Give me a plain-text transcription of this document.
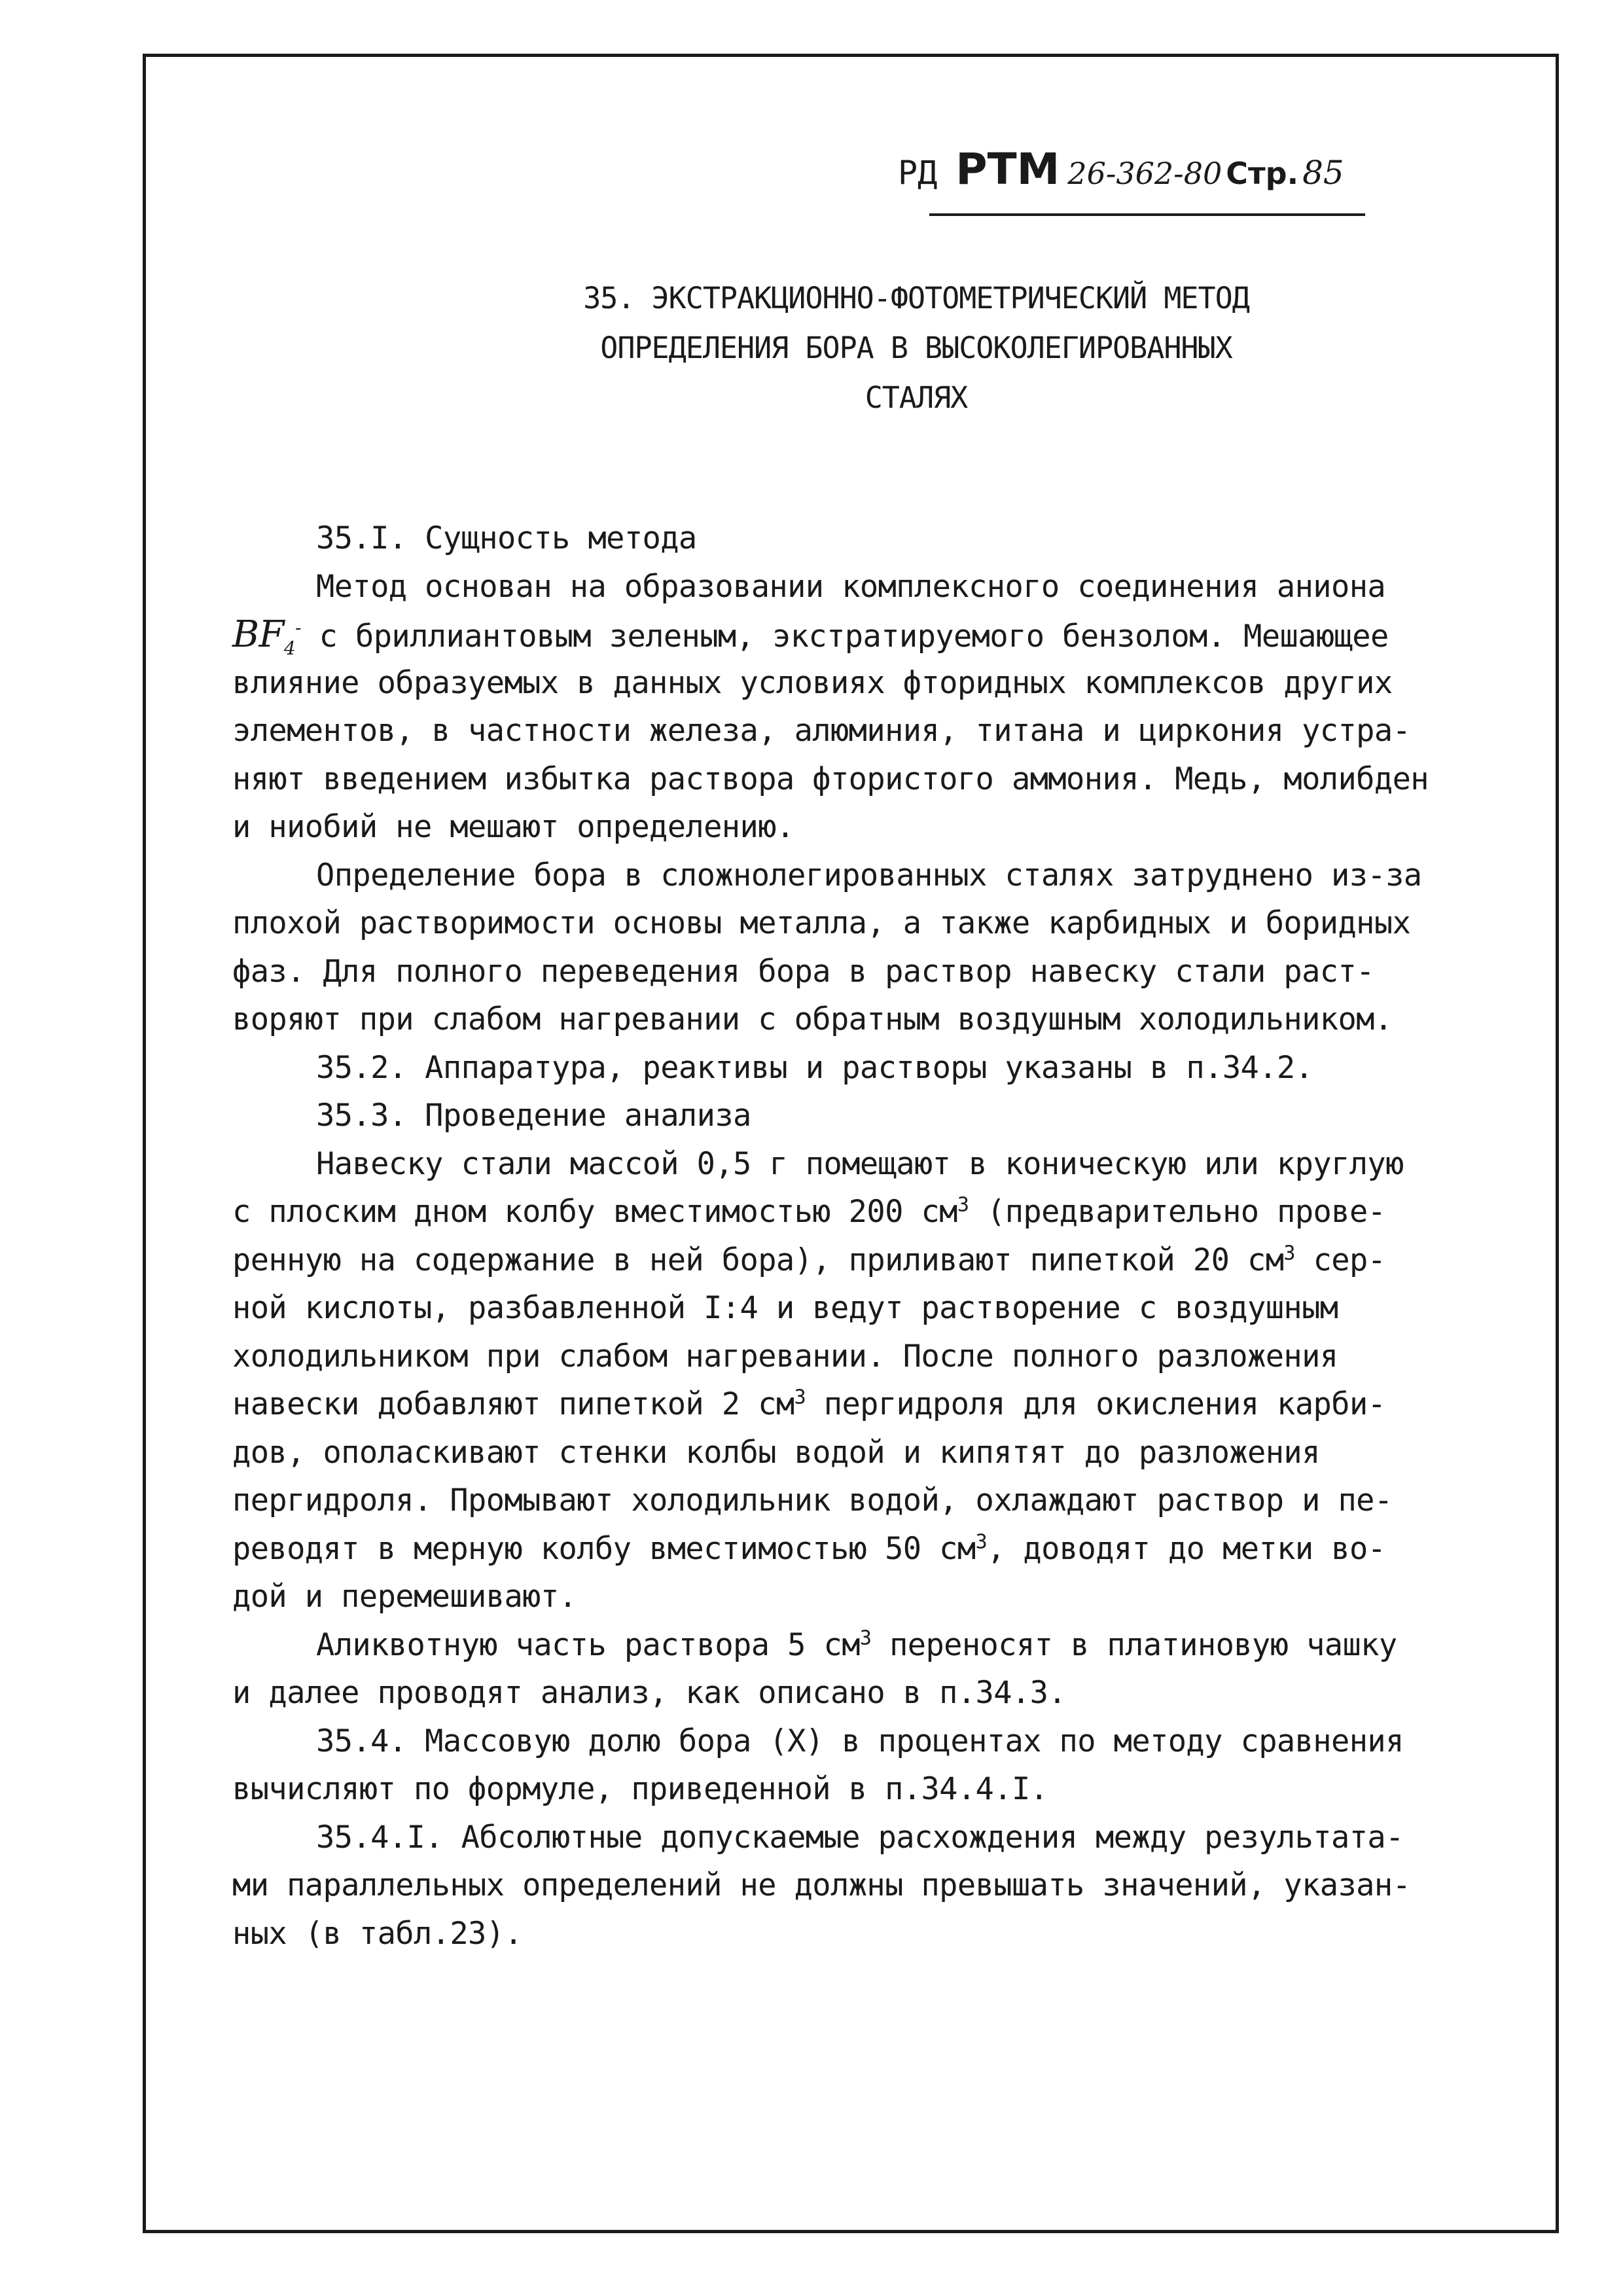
РД РТМ 26-362-80 Стр. 85
35. ЭКСТРАКЦИОННО-ФОТОМЕТРИЧЕСКИЙ МЕТОД
ОПРЕДЕЛЕНИЯ БОРА В ВЫСОКОЛЕГИРОВАННЫХ
СТАЛЯХ
35.I. Сущность метода
Метод основан на образовании комплексного соединения аниона
$BF_4^-$ с бриллиантовым зеленым, экстратируемого бензолом. Мешающее
влияние образуемых в данных условиях фторидных комплексов других
элементов, в частности железа, алюминия, титана и циркония устра-
няют введением избытка раствора фтористого аммония. Медь, молибден
и ниобий не мешают определению.
Определение бора в сложнолегированных сталях затруднено из-за
плохой растворимости основы металла, а также карбидных и боридных
фаз. Для полного переведения бора в раствор навеску стали раст-
воряют при слабом нагревании с обратным воздушным холодильником.
35.2. Аппаратура, реактивы и растворы указаны в п.34.2.
35.3. Проведение анализа
Навеску стали массой 0,5 г помещают в коническую или круглую
с плоским дном колбу вместимостью 200 $см^3$ (предварительно прове-
ренную на содержание в ней бора), приливают пипеткой 20 $см^3$ сер-
ной кислоты, разбавленной I:4 и ведут растворение с воздушным
холодильником при слабом нагревании. После полного разложения
навески добавляют пипеткой 2 $см^3$ пергидроля для окисления карби-
дов, ополаскивают стенки колбы водой и кипятят до разложения
пергидроля. Промывают холодильник водой, охлаждают раствор и пе-
реводят в мерную колбу вместимостью 50 $см^3$, доводят до метки во-
дой и перемешивают.
Аликвотную часть раствора 5 $см^3$ переносят в платиновую чашку
и далее проводят анализ, как описано в п.34.3.
35.4. Массовую долю бора (X) в процентах по методу сравнения
вычисляют по формуле, приведенной в п.34.4.I.
35.4.I. Абсолютные допускаемые расхождения между результата-
ми параллельных определений не должны превышать значений, указан-
ных (в табл.23).
